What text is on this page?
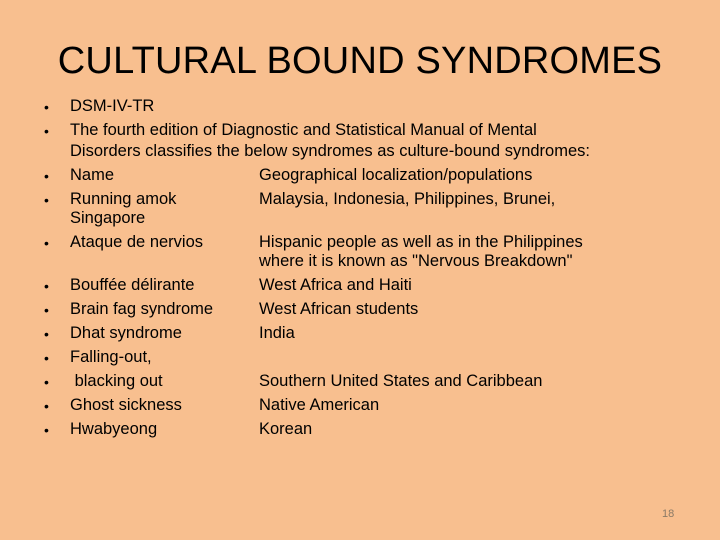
CULTURAL BOUND SYNDROMES
• DSM-IV-TR
• The fourth edition of Diagnostic and Statistical Manual of Mental
Disorders classifies the below syndromes as culture-bound syndromes:
• Name	Geographical localization/populations
• Running amok	Malaysia, Indonesia, Philippines, Brunei,
Singapore
• Ataque de nervios	Hispanic people as well as in the Philippines
where it is known as "Nervous Breakdown"
• Bouffée délirante	West Africa and Haiti
• Brain fag syndrome	West African students
• Dhat syndrome	India
• Falling-out,
• blacking out	Southern United States and Caribbean
• Ghost sickness	Native American
• Hwabyeong	Korean
18
